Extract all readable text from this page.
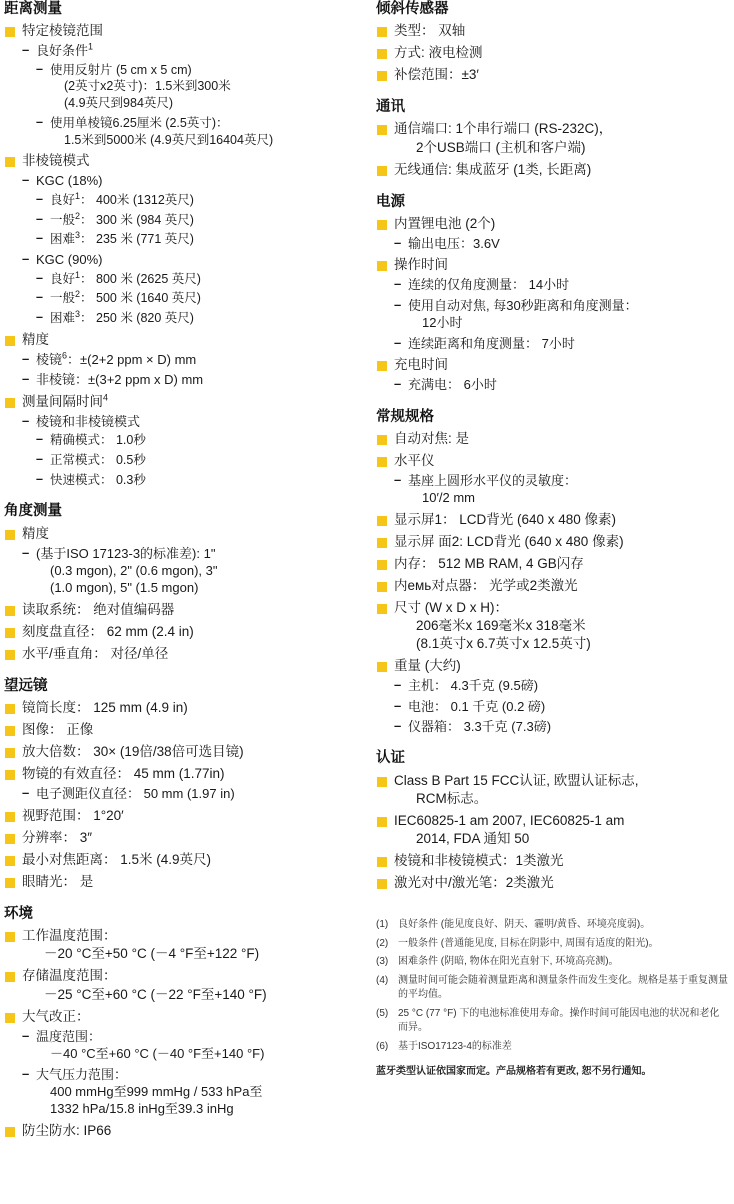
距离测量
特定棱镜范围
– 良好条件$^1$
– 使用反射片 (5 cm x 5 cm)
(2英寸x2英寸)：1.5米到300米
(4.9英尺到984英尺)
– 使用单棱镜6.25厘米 (2.5英寸)：
1.5米到5000米 (4.9英尺到16404英尺)
非棱镜模式
– KGC (18%)
– 良好$^1$： 400米 (1312英尺)
– 一般$^2$： 300 米 (984 英尺)
– 困难$^3$： 235 米 (771 英尺)
– KGC (90%)
– 良好$^1$： 800 米 (2625 英尺)
– 一般$^2$： 500 米 (1640 英尺)
– 困难$^3$： 250 米 (820 英尺)
精度
– 棱镜$^6$：±(2+2 ppm × D) mm
– 非棱镜：±(3+2 ppm x D) mm
测量间隔时间$^4$
– 棱镜和非棱镜模式
– 精确模式： 1.0秒
– 正常模式： 0.5秒
– 快速模式： 0.3秒
角度测量
精度
– (基于ISO 17123-3的标准差): 1"
(0.3 mgon), 2" (0.6 mgon), 3"
(1.0 mgon), 5" (1.5 mgon)
读取系统： 绝对值编码器
刻度盘直径： 62 mm (2.4 in)
水平/垂直角： 对径/单径
望远镜
镜筒长度： 125 mm (4.9 in)
图像： 正像
放大倍数： 30× (19倍/38倍可选目镜)
物镜的有效直径： 45 mm (1.77in)
– 电子测距仪直径： 50 mm (1.97 in)
视野范围： 1°20′
分辨率： 3″
最小对焦距离： 1.5米 (4.9英尺)
眼睛光： 是
环境
工作温度范围：
－20 °C至+50 °C (－4 °F至+122 °F)
存储温度范围：
－25 °C至+60 °C (－22 °F至+140 °F)
大气改正：
– 温度范围：
－40 °C至+60 °C (－40 °F至+140 °F)
– 大气压力范围：
400 mmHg至999 mmHg / 533 hPa至
1332 hPa/15.8 inHg至39.3 inHg
防尘防水: IP66
倾斜传感器
类型： 双轴
方式: 液电检测
补偿范围：±3′
通讯
通信端口: 1个串行端口 (RS-232C)，
2个USB端口 (主机和客户端)
无线通信: 集成蓝牙 (1类, 长距离)
电源
内置锂电池 (2个)
– 输出电压：3.6V
操作时间
– 连续的仅角度测量： 14小时
– 使用自动对焦, 每30秒距离和角度测量：
12小时
– 连续距离和角度测量： 7小时
充电时间
– 充满电： 6小时
常规规格
自动对焦: 是
水平仪
– 基座上圆形水平仪的灵敏度：
10′/2 mm
显示屏1： LCD背光 (640 x 480 像素)
显示屏 面2: LCD背光 (640 x 480 像素)
内存： 512 MB RAM, 4 GB闪存
内емь对点器： 光学或2类激光
尺寸 (W x D x H)：
206毫米x 169毫米x 318毫米
(8.1英寸x 6.7英寸x 12.5英寸)
重量 (大约)
– 主机： 4.3千克 (9.5磅)
– 电池： 0.1 千克 (0.2 磅)
– 仪器箱： 3.3千克 (7.3磅)
认证
Class B Part 15 FCC认证, 欧盟认证标志,
RCM标志。
IEC60825-1 am 2007, IEC60825-1 am
2014, FDA 通知 50
棱镜和非棱镜模式：1类激光
激光对中/激光笔：2类激光
(1) 良好条件 (能见度良好、阴天、霾明/黄昏、环境亮度弱)。
(2) 一般条件 (普通能见度, 目标在阴影中, 周围有适度的阳光)。
(3) 困难条件 (阴暗, 物体在阳光直射下, 环境高亮测)。
(4) 测量时间可能会随着测量距离和测量条件而发生变化。规格是基于重复测量的平均值。
(5) 25 °C (77 °F) 下的电池标准使用寿命。操作时间可能因电池的状况和老化而异。
(6) 基于ISO17123-4的标准差
蓝牙类型认证依国家而定。产品规格若有更改, 恕不另行通知。
